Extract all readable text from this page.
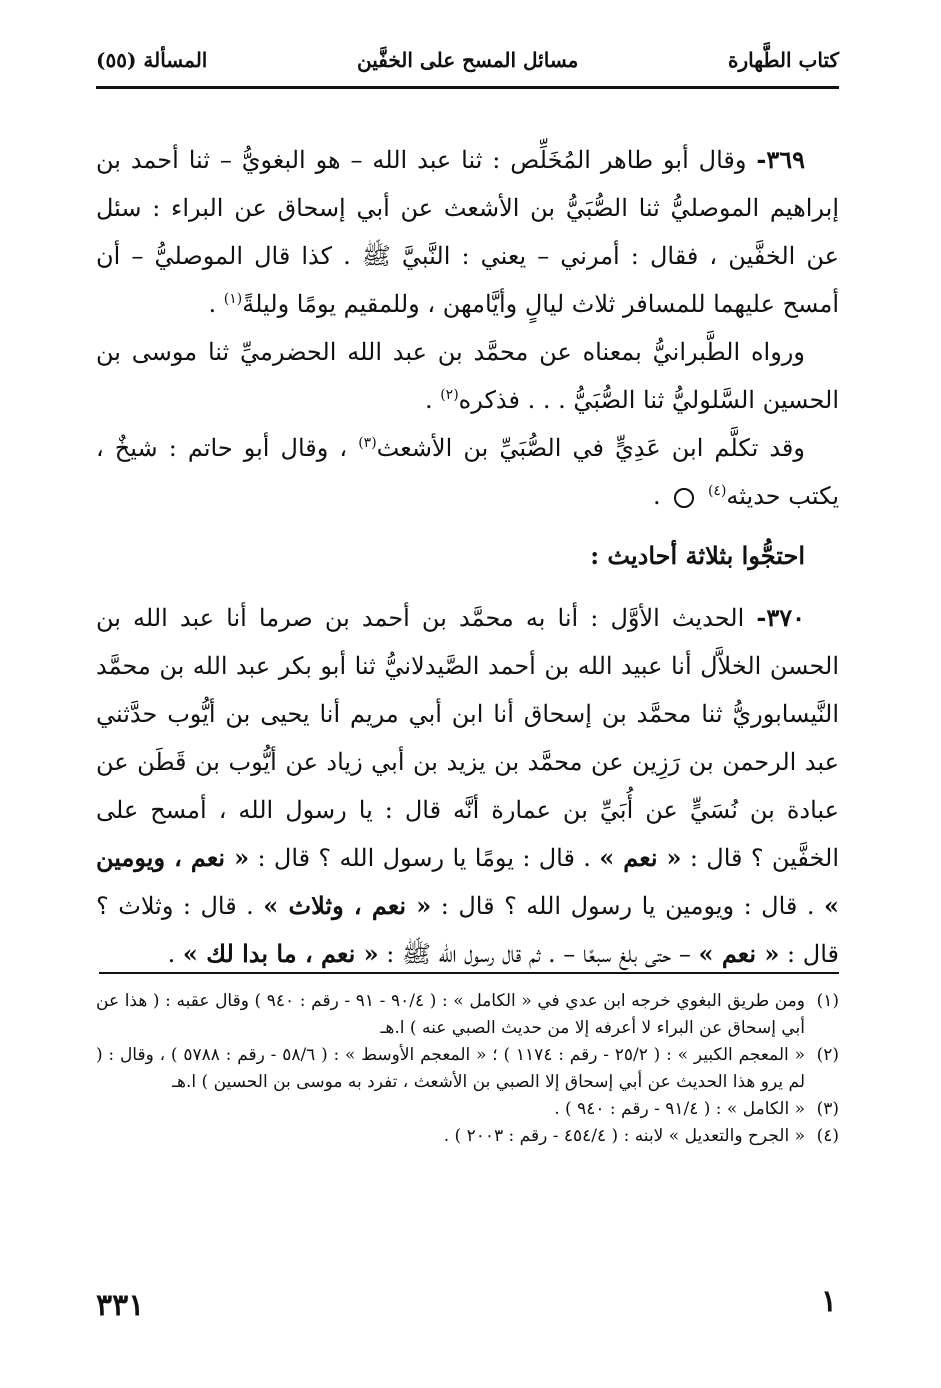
كتاب الطَّهارة
مسائل المسح على الخفَّين
المسألة (٥٥)

٣٦٩- وقال أبو طاهر المُخَلِّص : ثنا عبد الله – هو البغويُّ – ثنا أحمد بن إبراهيم الموصليُّ ثنا الصُّبَيُّ بن الأشعث عن أبي إسحاق عن البراء : سئل عن الخفَّين ، فقال : أمرني – يعني : النَّبيَّ ﷺ . كذا قال الموصليُّ – أن أمسح عليهما للمسافر ثلاث ليالٍ وأيَّامهن ، وللمقيم يومًا وليلةً$^{(١)}$ .

ورواه الطَّبرانيُّ بمعناه عن محمَّد بن عبد الله الحضرميِّ ثنا موسى بن الحسين السَّلوليُّ ثنا الصُّبَيُّ . . . فذكره$^{(٢)}$ .

وقد تكلَّم ابن عَدِيٍّ في الصُّبَيِّ بن الأشعث$^{(٣)}$ ، وقال أبو حاتم : شيخٌ ، يكتب حديثه$^{(٤)}$  .

احتجُّوا بثلاثة أحاديث :

٣٧٠- الحديث الأوَّل : أنا به محمَّد بن أحمد بن صرما أنا عبد الله بن الحسن الخلاَّل أنا عبيد الله بن أحمد الصَّيدلانيُّ ثنا أبو بكر عبد الله بن محمَّد النَّيسابوريُّ ثنا محمَّد بن إسحاق أنا ابن أبي مريم أنا يحيى بن أيُّوب حدَّثني عبد الرحمن بن رَزِين عن محمَّد بن يزيد بن أبي زياد عن أيُّوب بن قَطَن عن عبادة بن نُسَيٍّ عن أُبَيِّ بن عمارة أنَّه قال : يا رسول الله ، أمسح على الخفَّين ؟ قال : « نعم » . قال : يومًا يا رسول الله ؟ قال : « نعم ، ويومين » . قال : ويومين يا رسول الله ؟ قال : « نعم ، وثلاث » . قال : وثلاث ؟ قال : « نعم » – حتى بلغ سبعًا – . ثم قال رسول الله ﷺ : « نعم ، ما بدا لك » .

(١)ومن طريق البغوي خرجه ابن عدي في « الكامل » : ( ٩٠/٤ - ٩١ - رقم : ٩٤٠ ) وقال عقبه : ( هذا عن أبي إسحاق عن البراء لا أعرفه إلا من حديث الصبي عنه ) ا.هـ

(٢)« المعجم الكبير » : ( ٢٥/٢ - رقم : ١١٧٤ ) ؛ « المعجم الأوسط » : ( ٥٨/٦ - رقم : ٥٧٨٨ ) ، وقال : ( لم يرو هذا الحديث عن أبي إسحاق إلا الصبي بن الأشعث ، تفرد به موسى بن الحسين ) ا.هـ

(٣)« الكامل » : ( ٩١/٤ - رقم : ٩٤٠ ) .

(٤)« الجرح والتعديل » لابنه : ( ٤٥٤/٤ - رقم : ٢٠٠٣ ) .

٣٣١	١
